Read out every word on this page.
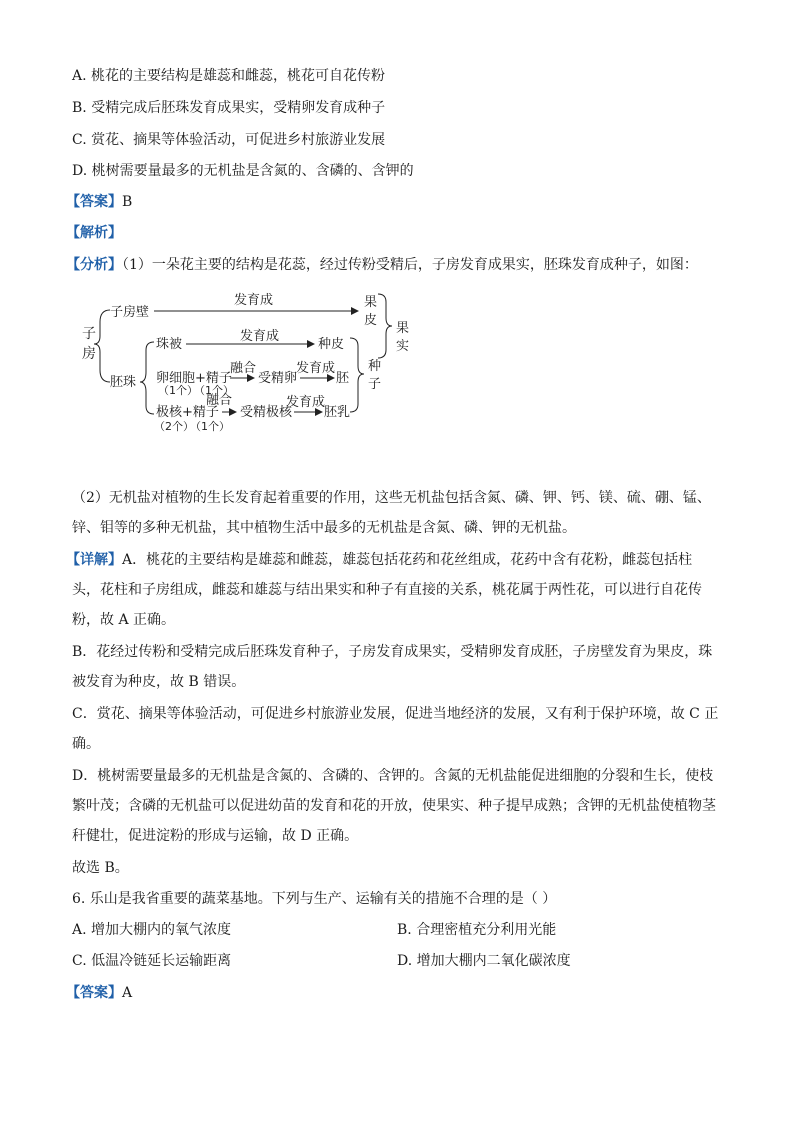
A. 桃花的主要结构是雄蕊和雌蕊，桃花可自花传粉
B. 受精完成后胚珠发育成果实，受精卵发育成种子
C. 赏花、摘果等体验活动，可促进乡村旅游业发展
D. 桃树需要量最多的无机盐是含氮的、含磷的、含钾的
【答案】B
【解析】
【分析】（1）一朵花主要的结构是花蕊，经过传粉受精后，子房发育成果实，胚珠发育成种子，如图：
子
房
子房壁
发育成	果
皮
果
实
胚珠
珠被
发育成
种皮
卵细胞+精子
（1个）
（1个）
融合
受精卵
发育成
胚
种
子
极核+精子
（2个）
（1个）
融合
受精极核
发育成
胚乳
（2）无机盐对植物的生长发育起着重要的作用，这些无机盐包括含氮、磷、钾、钙、镁、硫、硼、锰、
锌、钼等的多种无机盐，其中植物生活中最多的无机盐是含氮、磷、钾的无机盐。
【详解】A．桃花的主要结构是雄蕊和雌蕊，雄蕊包括花药和花丝组成，花药中含有花粉，雌蕊包括柱
头，花柱和子房组成，雌蕊和雄蕊与结出果实和种子有直接的关系，桃花属于两性花，可以进行自花传
粉，故 A 正确。
B．花经过传粉和受精完成后胚珠发育种子，子房发育成果实，受精卵发育成胚，子房壁发育为果皮，珠
被发育为种皮，故 B 错误。
C．赏花、摘果等体验活动，可促进乡村旅游业发展，促进当地经济的发展，又有利于保护环境，故 C 正
确。
D．桃树需要量最多的无机盐是含氮的、含磷的、含钾的。含氮的无机盐能促进细胞的分裂和生长，使枝
繁叶茂；含磷的无机盐可以促进幼苗的发育和花的开放，使果实、种子提早成熟；含钾的无机盐使植物茎
秆健壮，促进淀粉的形成与运输，故 D 正确。
故选 B。
6. 乐山是我省重要的蔬菜基地。下列与生产、运输有关的措施不合理的是（ ）
A. 增加大棚内的氧气浓度	B. 合理密植充分利用光能
C. 低温冷链延长运输距离	D. 增加大棚内二氧化碳浓度
【答案】A
